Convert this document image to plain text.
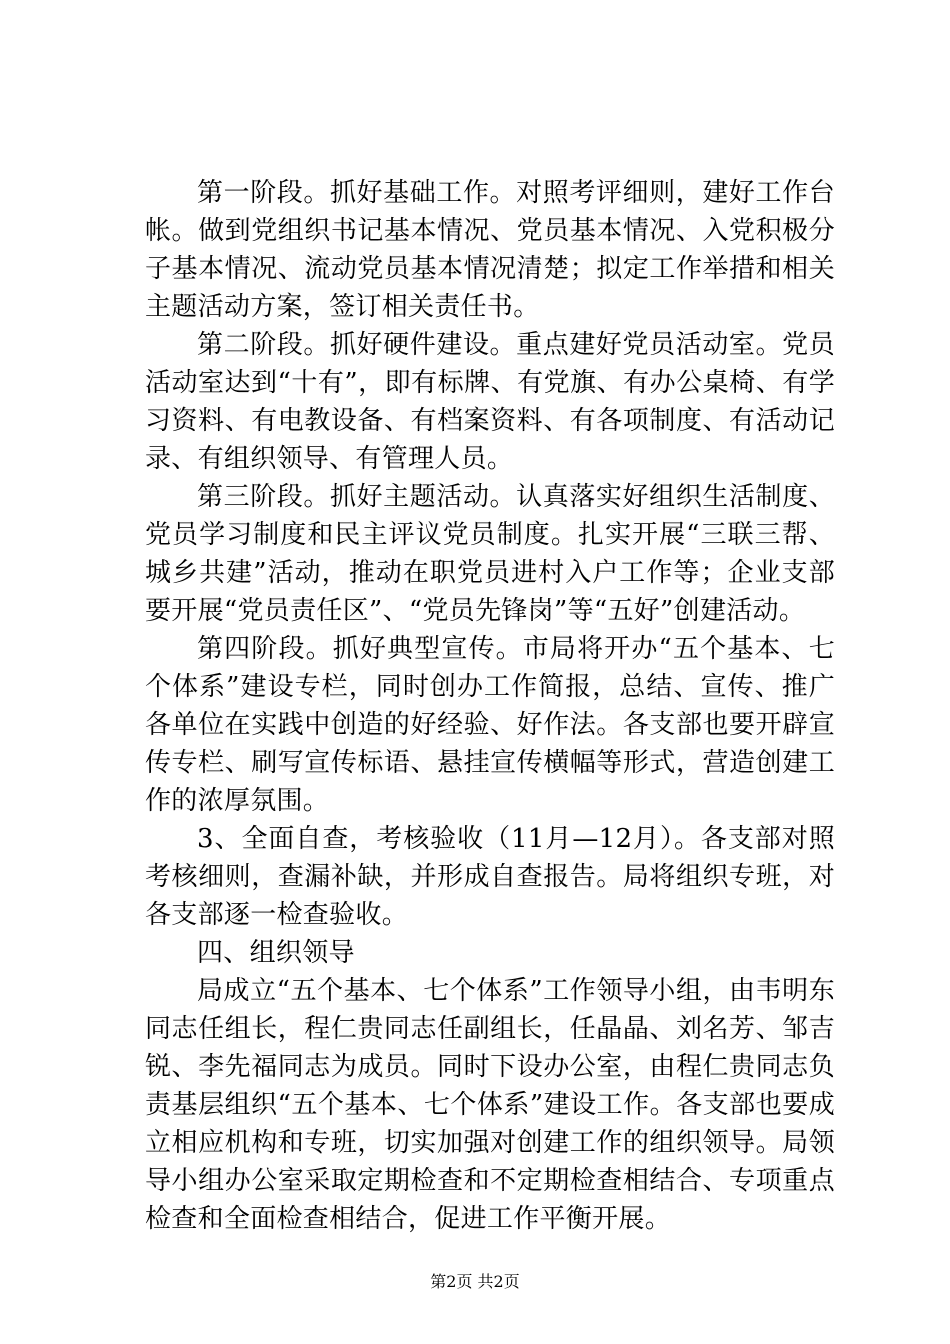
第一阶段。抓好基础工作。对照考评细则，建好工作台帐。做到党组织书记基本情况、党员基本情况、入党积极分子基本情况、流动党员基本情况清楚；拟定工作举措和相关主题活动方案，签订相关责任书。

第二阶段。抓好硬件建设。重点建好党员活动室。党员活动室达到“十有”，即有标牌、有党旗、有办公桌椅、有学习资料、有电教设备、有档案资料、有各项制度、有活动记录、有组织领导、有管理人员。

第三阶段。抓好主题活动。认真落实好组织生活制度、党员学习制度和民主评议党员制度。扎实开展“三联三帮、城乡共建”活动，推动在职党员进村入户工作等；企业支部要开展“党员责任区”、“党员先锋岗”等“五好”创建活动。

第四阶段。抓好典型宣传。市局将开办“五个基本、七个体系”建设专栏，同时创办工作简报，总结、宣传、推广各单位在实践中创造的好经验、好作法。各支部也要开辟宣传专栏、刷写宣传标语、悬挂宣传横幅等形式，营造创建工作的浓厚氛围。

3、全面自查，考核验收（11月—12月）。各支部对照考核细则，查漏补缺，并形成自查报告。局将组织专班，对各支部逐一检查验收。

四、组织领导

局成立“五个基本、七个体系”工作领导小组，由韦明东同志任组长，程仁贵同志任副组长，任晶晶、刘名芳、邹吉锐、李先福同志为成员。同时下设办公室，由程仁贵同志负责基层组织“五个基本、七个体系”建设工作。各支部也要成立相应机构和专班，切实加强对创建工作的组织领导。局领导小组办公室采取定期检查和不定期检查相结合、专项重点检查和全面检查相结合，促进工作平衡开展。

第2页 共2页
